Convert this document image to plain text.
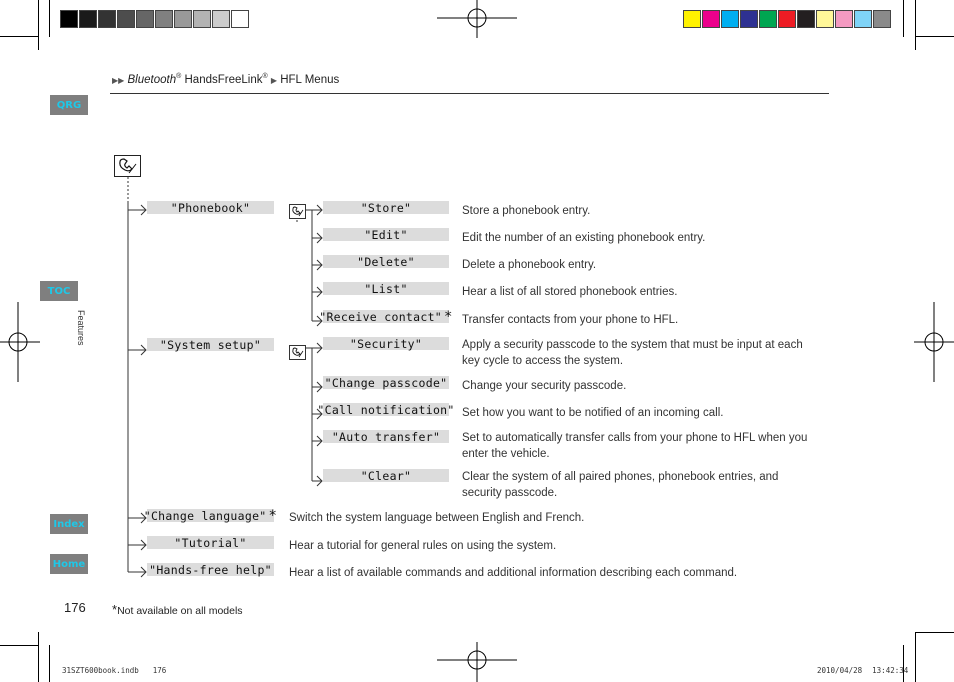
▶▶ Bluetooth® HandsFreeLink® ▶ HFL Menus
QRG
TOC
Features
Index
Home
"Phonebook"
"System setup"
"Change language" *
"Tutorial"
"Hands-free help"
"Store"
"Edit"
"Delete"
"List"
"Receive contact" *
"Security"
"Change passcode"
"Call notification"
"Auto transfer"
"Clear"
Store a phonebook entry.
Edit the number of an existing phonebook entry.
Delete a phonebook entry.
Hear a list of all stored phonebook entries.
Transfer contacts from your phone to HFL.
Apply a security passcode to the system that must be input at each
key cycle to access the system.
Change your security passcode.
Set how you want to be notified of an incoming call.
Set to automatically transfer calls from your phone to HFL when you
enter the vehicle.
Clear the system of all paired phones, phonebook entries, and
security passcode.
Switch the system language between English and French.
Hear a tutorial for general rules on using the system.
Hear a list of available commands and additional information describing each command.
176 *Not available on all models
31SZT600book.indb 176	2010/04/28 13:42:34
